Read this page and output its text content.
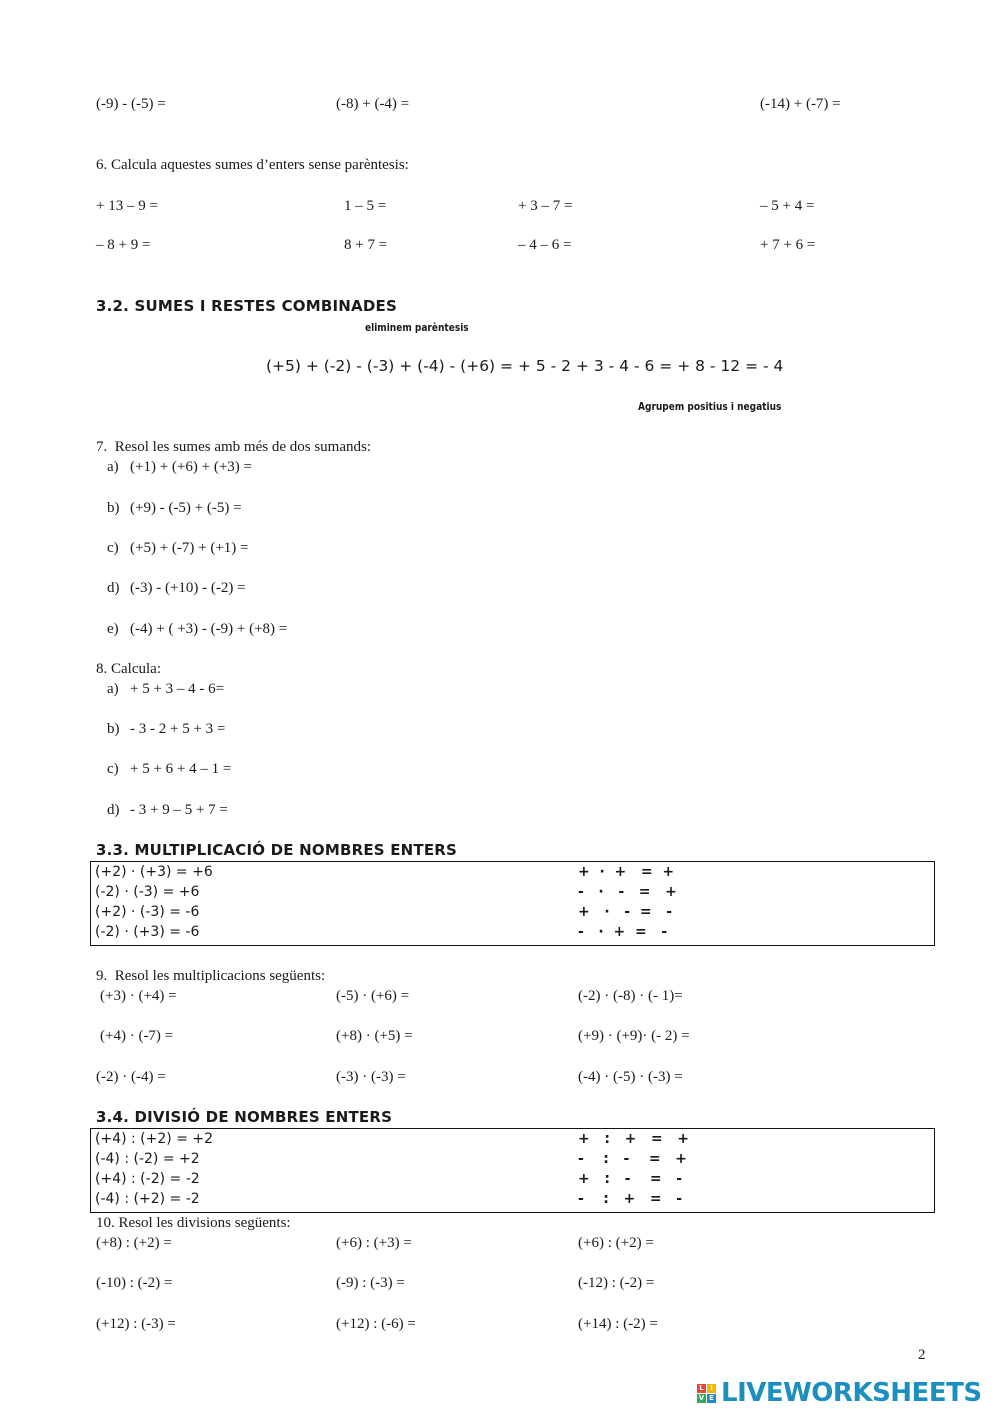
(-9) - (-5) =	(-8) + (-4) =	(-14) + (-7) =
6. Calcula aquestes sumes d’enters sense parèntesis:
+ 13 – 9 =	1 – 5 =	+ 3 – 7 =	– 5 + 4 =
– 8 + 9 =	8 + 7 =	– 4 – 6 =	+ 7 + 6 =
3.2. SUMES I RESTES COMBINADES
eliminem parèntesis
(+5) + (-2) - (-3) + (-4) - (+6) = + 5 - 2 + 3 - 4 - 6 = + 8 - 12 = - 4
Agrupem positius i negatius
7.  Resol les sumes amb més de dos sumands:
a) (+1) + (+6) + (+3) =
b) (+9) - (-5) + (-5) =
c) (+5) + (-7) + (+1) =
d) (-3) - (+10) - (-2) =
e) (-4) + ( +3) - (-9) + (+8) =
8. Calcula:
a) + 5 + 3 – 4 - 6=
b) - 3 - 2 + 5 + 3 =
c) + 5 + 6 + 4 – 1 =
d) - 3 + 9 – 5 + 7 =
3.3. MULTIPLICACIÓ DE NOMBRES ENTERS
(+2) · (+3) = +6	+  ·  +   =  +
(-2) · (-3) = +6	-   ·   -   =   +
(+2) · (-3) = -6	+   ·   -  =   -
(-2) · (+3) = -6	-   ·  +  =   -
9.  Resol les multiplicacions següents:
(+3) · (+4) =	(-5) · (+6) =	(-2) · (-8) · (- 1)=
(+4) · (-7) =	(+8) · (+5) =	(+9) · (+9)· (- 2) =
(-2) · (-4) =	(-3) · (-3) =	(-4) · (-5) · (-3) =
3.4. DIVISIÓ DE NOMBRES ENTERS
(+4) : (+2) = +2	+   :   +   =   +
(-4) : (-2) = +2	-    :   -    =   +
(+4) : (-2) = -2	+   :   -    =   -
(-4) : (+2) = -2	-    :   +   =   -
10. Resol les divisions següents:
(+8) : (+2) =	(+6) : (+3) =	(+6) : (+2) =
(-10) : (-2) =	(-9) : (-3) =	(-12) : (-2) =
(+12) : (-3) =	(+12) : (-6) =	(+14) : (-2) =
2
L I
V E LIVEWORKSHEETS
